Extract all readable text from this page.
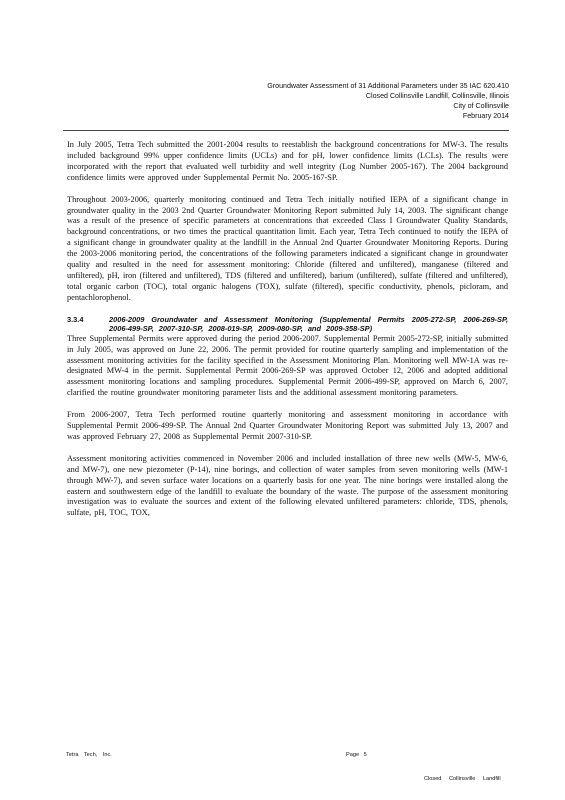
Groundwater Assessment of 31 Additional Parameters under 35 IAC 620.410
Closed Collinsville Landfill, Collinsville, Illinois
City of Collinsville
February 2014

In July 2005, Tetra Tech submitted the 2001-2004 results to reestablish the background concentrations for MW-3. The results included background 99% upper confidence limits (UCLs) and for pH, lower confidence limits (LCLs). The results were incorporated with the report that evaluated well turbidity and well integrity (Log Number 2005-167). The 2004 background confidence limits were approved under Supplemental Permit No. 2005-167-SP.

Throughout 2003-2006, quarterly monitoring continued and Tetra Tech initially notified IEPA of a significant change in groundwater quality in the 2003 2nd Quarter Groundwater Monitoring Report submitted July 14, 2003. The significant change was a result of the presence of specific parameters at concentrations that exceeded Class I Groundwater Quality Standards, background concentrations, or two times the practical quantitation limit. Each year, Tetra Tech continued to notify the IEPA of a significant change in groundwater quality at the landfill in the Annual 2nd Quarter Groundwater Monitoring Reports. During the 2003-2006 monitoring period, the concentrations of the following parameters indicated a significant change in groundwater quality and resulted in the need for assessment monitoring: Chloride (filtered and unfiltered), manganese (filtered and unfiltered), pH, iron (filtered and unfiltered), TDS (filtered and unfiltered), barium (unfiltered), sulfate (filtered and unfiltered), total organic carbon (TOC), total organic halogens (TOX), sulfate (filtered), specific conductivity, phenols, picloram, and pentachlorophenol.

3.3.4	2006-2009 Groundwater and Assessment Monitoring (Supplemental Permits 2005-272-SP, 2006-269-SP, 2006-499-SP, 2007-310-SP, 2008-019-SP, 2009-080-SP, and 2009-358-SP)

Three Supplemental Permits were approved during the period 2006-2007. Supplemental Permit 2005-272-SP, initially submitted in July 2005, was approved on June 22, 2006. The permit provided for routine quarterly sampling and implementation of the assessment monitoring activities for the facility specified in the Assessment Monitoring Plan. Monitoring well MW-1A was re-designated MW-4 in the permit. Supplemental Permit 2006-269-SP was approved October 12, 2006 and adopted additional assessment monitoring locations and sampling procedures. Supplemental Permit 2006-499-SP, approved on March 6, 2007, clarified the routine groundwater monitoring parameter lists and the additional assessment monitoring parameters.

From 2006-2007, Tetra Tech performed routine quarterly monitoring and assessment monitoring in accordance with Supplemental Permit 2006-499-SP. The Annual 2nd Quarter Groundwater Monitoring Report was submitted July 13, 2007 and was approved February 27, 2008 as Supplemental Permit 2007-310-SP.

Assessment monitoring activities commenced in November 2006 and included installation of three new wells (MW-5, MW-6, and MW-7), one new piezometer (P-14), nine borings, and collection of water samples from seven monitoring wells (MW-1 through MW-7), and seven surface water locations on a quarterly basis for one year. The nine borings were installed along the eastern and southwestern edge of the landfill to evaluate the boundary of the waste. The purpose of the assessment monitoring investigation was to evaluate the sources and extent of the following elevated unfiltered parameters: chloride, TDS, phenols, sulfate, pH, TOC, TOX,

Tetra Tech, Inc.	Page 5
Closed Collinsville Landfill
